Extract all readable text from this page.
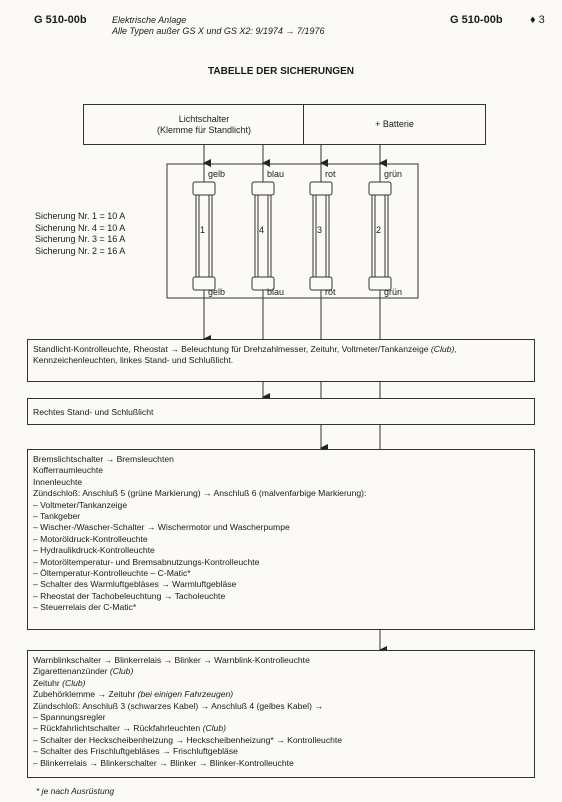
G 510-00b	Elektrische Anlage
Alle Typen außer GS X und GS X2: 9/1974 → 7/1976
G 510-00b ♦ 3
TABELLE DER SICHERUNGEN
Lichtschalter
(Klemme für Standlicht)
+ Batterie
gelb	blau	rot	grün
1	4	3	2
gelb	blau	rot	grün
Sicherung Nr. 1 = 10 A
Sicherung Nr. 4 = 10 A
Sicherung Nr. 3 = 16 A
Sicherung Nr. 2 = 16 A
Standlicht-Kontrolleuchte, Rheostat → Beleuchtung für Drehzahlmesser, Zeituhr, Voltmeter/Tankanzeige (Club),
Kennzeichenleuchten, linkes Stand- und Schlußlicht.
Rechtes Stand- und Schlußlicht
Bremslichtschalter → Bremsleuchten
Kofferraumleuchte
Innenleuchte
Zündschloß: Anschluß 5 (grüne Markierung) → Anschluß 6 (malvenfarbige Markierung):
– Voltmeter/Tankanzeige
– Tankgeber
– Wischer-/Wascher-Schalter → Wischermotor und Wascherpumpe
– Motoröldruck-Kontrolleuchte
– Hydraulikdruck-Kontrolleuchte
– Motoröltemperatur- und Bremsabnutzungs-Kontrolleuchte
– Öltemperatur-Kontrolleuchte – C-Matic*
– Schalter des Warmluftgebläses → Warmluftgebläse
– Rheostat der Tachobeleuchtung → Tacholeuchte
– Steuerrelais der C-Matic*
Warnblinkschalter → Blinkerrelais → Blinker → Warnblink-Kontrolleuchte
Zigarettenanzünder (Club)
Zeituhr (Club)
Zubehörklemme → Zeituhr (bei einigen Fahrzeugen)
Zündschloß: Anschluß 3 (schwarzes Kabel) → Anschluß 4 (gelbes Kabel) →
– Spannungsregler
– Rückfahrlichtschalter → Rückfahrleuchten (Club)
– Schalter der Heckscheibenheizung → Heckscheibenheizung* → Kontrolleuchte
– Schalter des Frischluftgebläses → Frischluftgebläse
– Blinkerrelais → Blinkerschalter → Blinker → Blinker-Kontrolleuchte
* je nach Ausrüstung
